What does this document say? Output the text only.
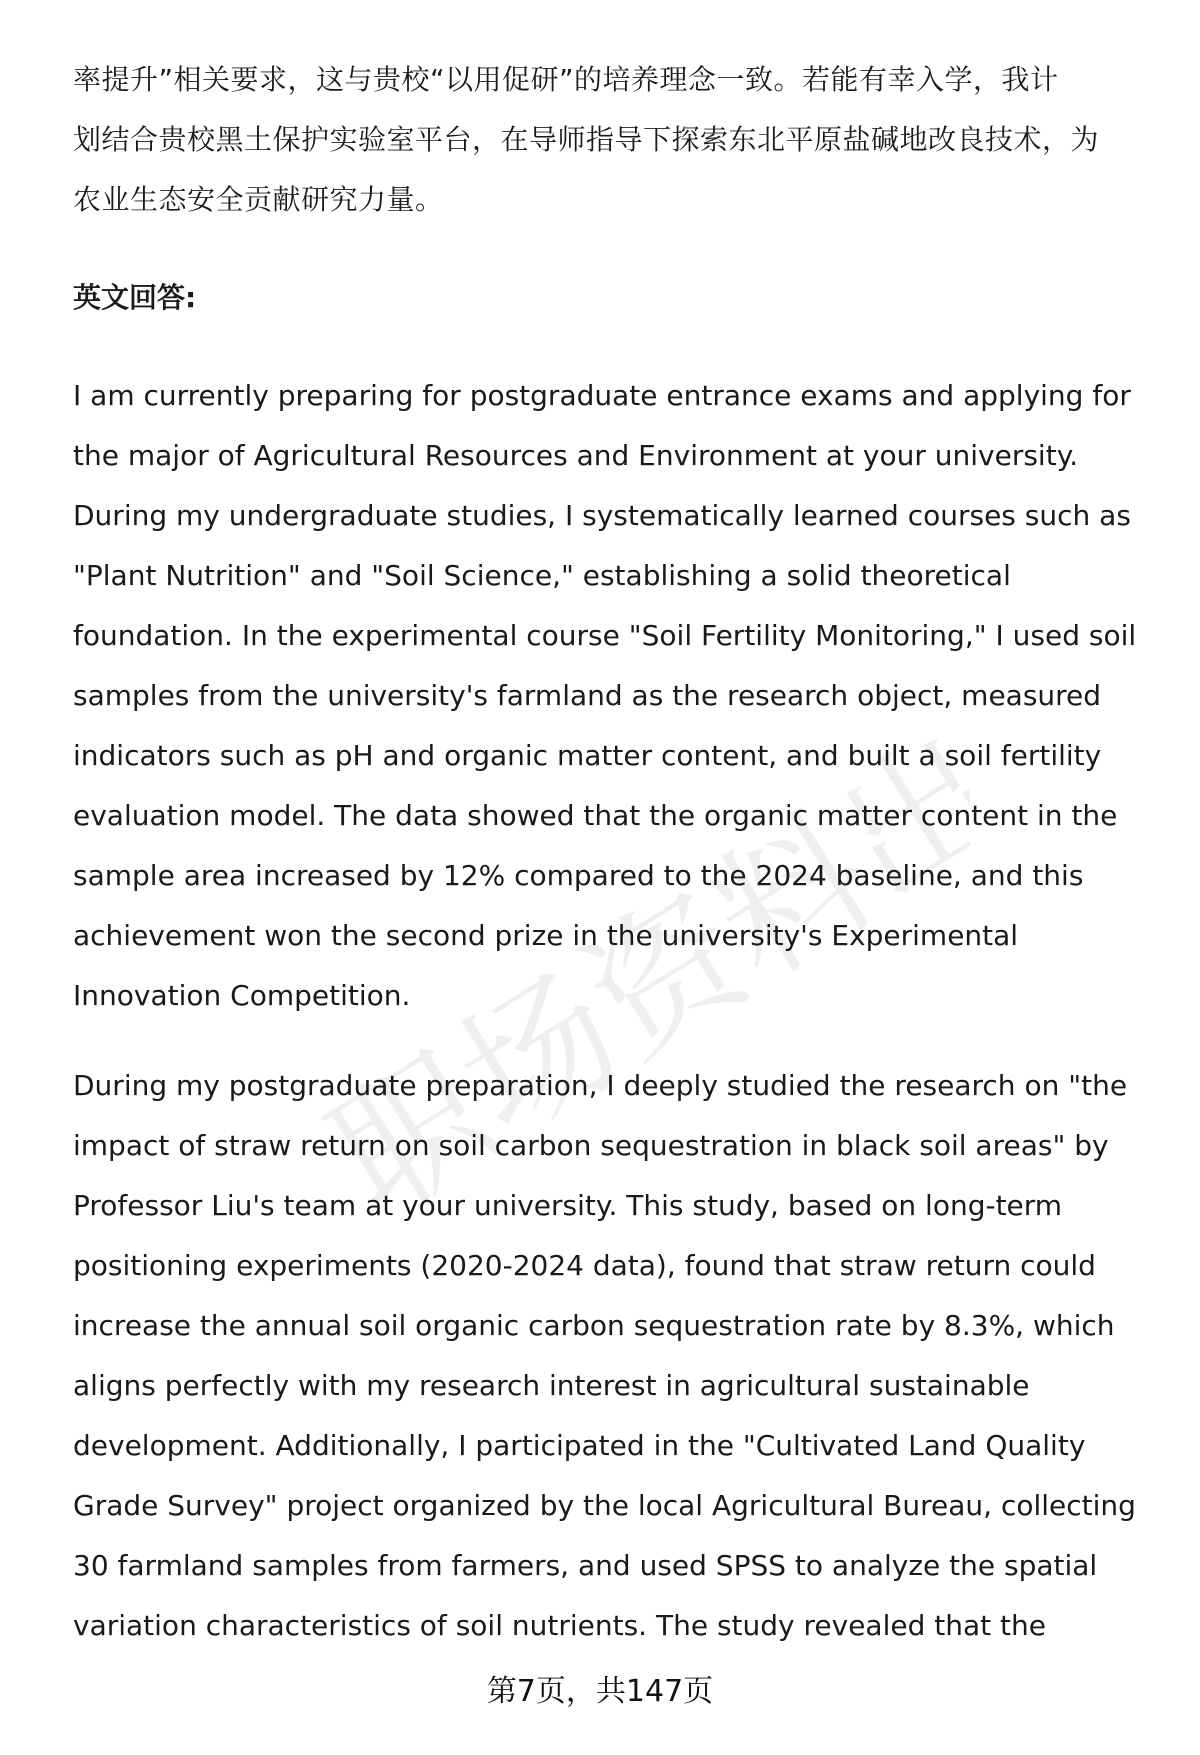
职场资料出品
率提升”相关要求，这与贵校“以用促研”的培养理念一致。若能有幸入学，我计
划结合贵校黑土保护实验室平台，在导师指导下探索东北平原盐碱地改良技术，为
农业生态安全贡献研究力量。
英文回答:
I am currently preparing for postgraduate entrance exams and applying for
the major of Agricultural Resources and Environment at your university.
During my undergraduate studies, I systematically learned courses such as
"Plant Nutrition" and "Soil Science," establishing a solid theoretical
foundation. In the experimental course "Soil Fertility Monitoring," I used soil
samples from the university's farmland as the research object, measured
indicators such as pH and organic matter content, and built a soil fertility
evaluation model. The data showed that the organic matter content in the
sample area increased by 12% compared to the 2024 baseline, and this
achievement won the second prize in the university's Experimental
Innovation Competition.
During my postgraduate preparation, I deeply studied the research on "the
impact of straw return on soil carbon sequestration in black soil areas" by
Professor Liu's team at your university. This study, based on long-term
positioning experiments (2020-2024 data), found that straw return could
increase the annual soil organic carbon sequestration rate by 8.3%, which
aligns perfectly with my research interest in agricultural sustainable
development. Additionally, I participated in the "Cultivated Land Quality
Grade Survey" project organized by the local Agricultural Bureau, collecting
30 farmland samples from farmers, and used SPSS to analyze the spatial
variation characteristics of soil nutrients. The study revealed that the
第7页，共147页
